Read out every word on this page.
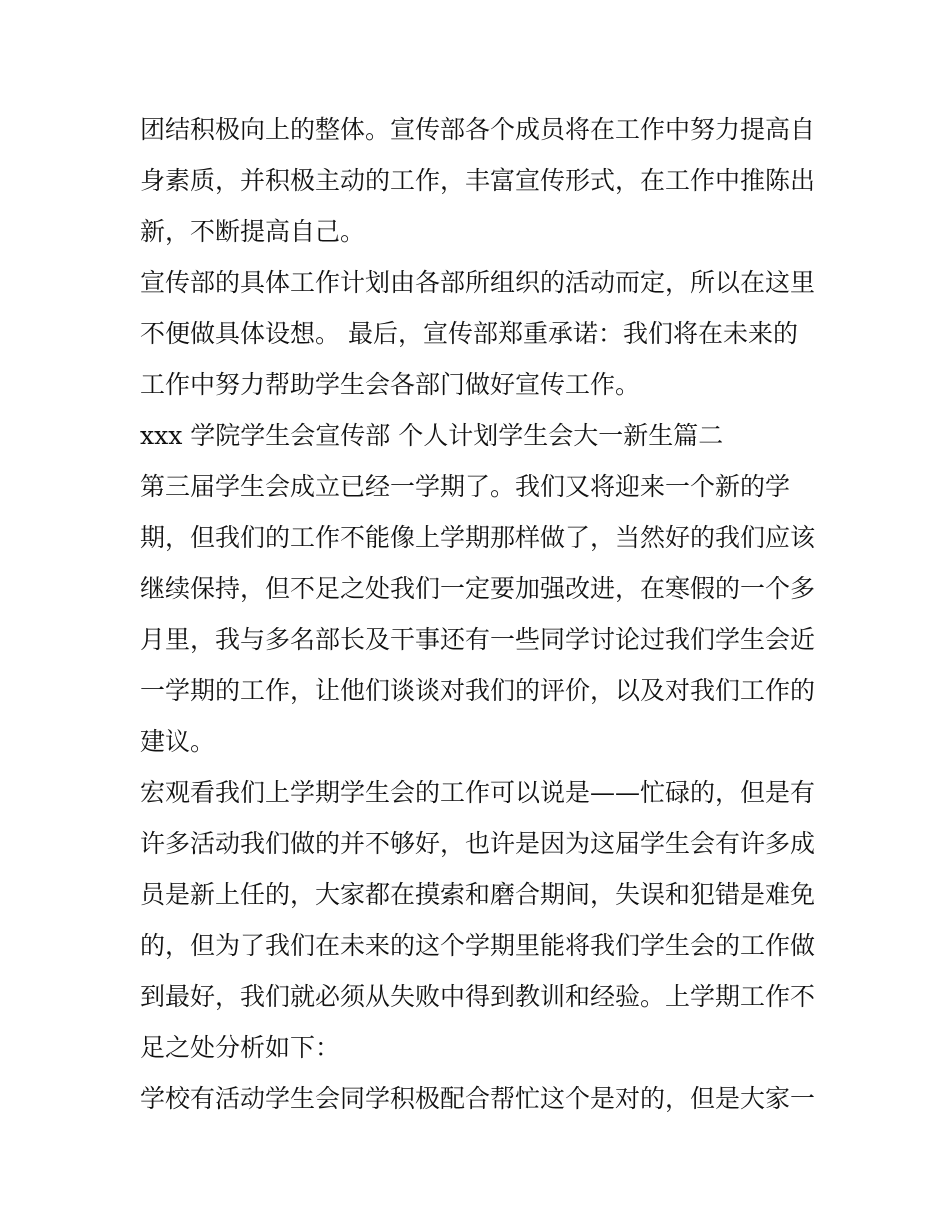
团结积极向上的整体。宣传部各个成员将在工作中努力提高自
身素质，并积极主动的工作，丰富宣传形式，在工作中推陈出
新，不断提高自己。
宣传部的具体工作计划由各部所组织的活动而定，所以在这里
不便做具体设想。 最后，宣传部郑重承诺：我们将在未来的
工作中努力帮助学生会各部门做好宣传工作。
xxx 学院学生会宣传部 个人计划学生会大一新生篇二
第三届学生会成立已经一学期了。我们又将迎来一个新的学
期，但我们的工作不能像上学期那样做了，当然好的我们应该
继续保持，但不足之处我们一定要加强改进，在寒假的一个多
月里，我与多名部长及干事还有一些同学讨论过我们学生会近
一学期的工作，让他们谈谈对我们的评价，以及对我们工作的
建议。
宏观看我们上学期学生会的工作可以说是——忙碌的，但是有
许多活动我们做的并不够好，也许是因为这届学生会有许多成
员是新上任的，大家都在摸索和磨合期间，失误和犯错是难免
的，但为了我们在未来的这个学期里能将我们学生会的工作做
到最好，我们就必须从失败中得到教训和经验。上学期工作不
足之处分析如下：
学校有活动学生会同学积极配合帮忙这个是对的，但是大家一
